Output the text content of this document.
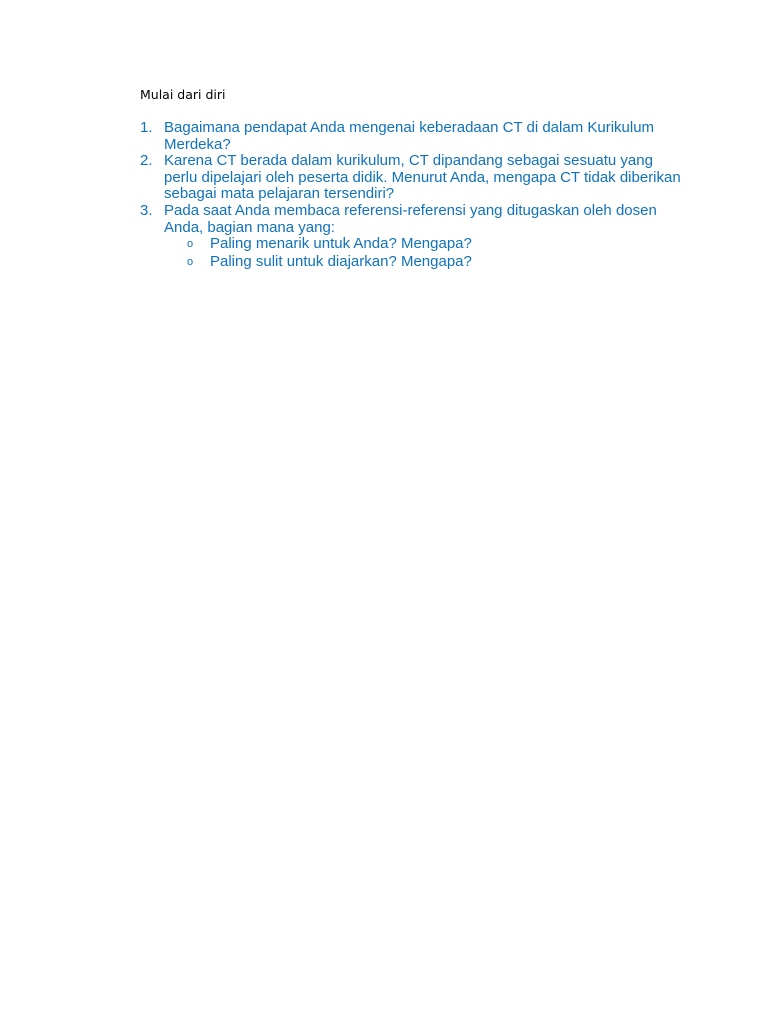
Mulai dari diri
1. Bagaimana pendapat Anda mengenai keberadaan CT di dalam Kurikulum Merdeka?
2. Karena CT berada dalam kurikulum, CT dipandang sebagai sesuatu yang perlu dipelajari oleh peserta didik. Menurut Anda, mengapa CT tidak diberikan sebagai mata pelajaran tersendiri?
3. Pada saat Anda membaca referensi-referensi yang ditugaskan oleh dosen Anda, bagian mana yang:
o Paling menarik untuk Anda? Mengapa?
o Paling sulit untuk diajarkan? Mengapa?
